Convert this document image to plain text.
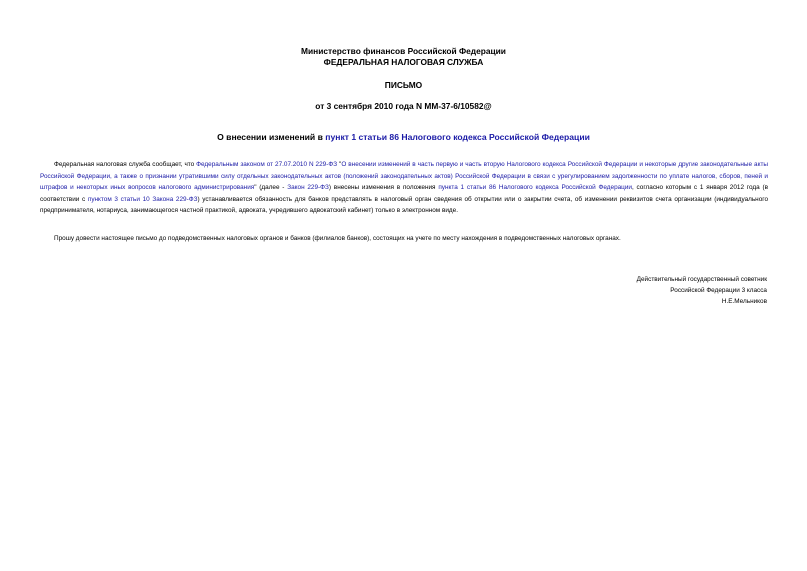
Министерство финансов Российской Федерации
ФЕДЕРАЛЬНАЯ НАЛОГОВАЯ СЛУЖБА
ПИСЬМО
от 3 сентября 2010 года N ММ-37-6/10582@
О внесении изменений в пункт 1 статьи 86 Налогового кодекса Российской Федерации
Федеральная налоговая служба сообщает, что Федеральным законом от 27.07.2010 N 229-ФЗ "О внесении изменений в часть первую и часть вторую Налогового кодекса Российской Федерации и некоторые другие законодательные акты Российской Федерации, а также о признании утратившими силу отдельных законодательных актов (положений законодательных актов) Российской Федерации в связи с урегулированием задолженности по уплате налогов, сборов, пеней и штрафов и некоторых иных вопросов налогового администрирования" (далее - Закон 229-ФЗ) внесены изменения в положения пункта 1 статьи 86 Налогового кодекса Российской Федерации, согласно которым с 1 января 2012 года (в соответствии с пунктом 3 статьи 10 Закона 229-ФЗ) устанавливается обязанность для банков представлять в налоговый орган сведения об открытии или о закрытии счета, об изменении реквизитов счета организации (индивидуального предпринимателя, нотариуса, занимающегося частной практикой, адвоката, учредившего адвокатский кабинет) только в электронном виде.
Прошу довести настоящее письмо до подведомственных налоговых органов и банков (филиалов банков), состоящих на учете по месту нахождения в подведомственных налоговых органах.
Действительный государственный советник
Российской Федерации 3 класса
Н.Е.Мельников
